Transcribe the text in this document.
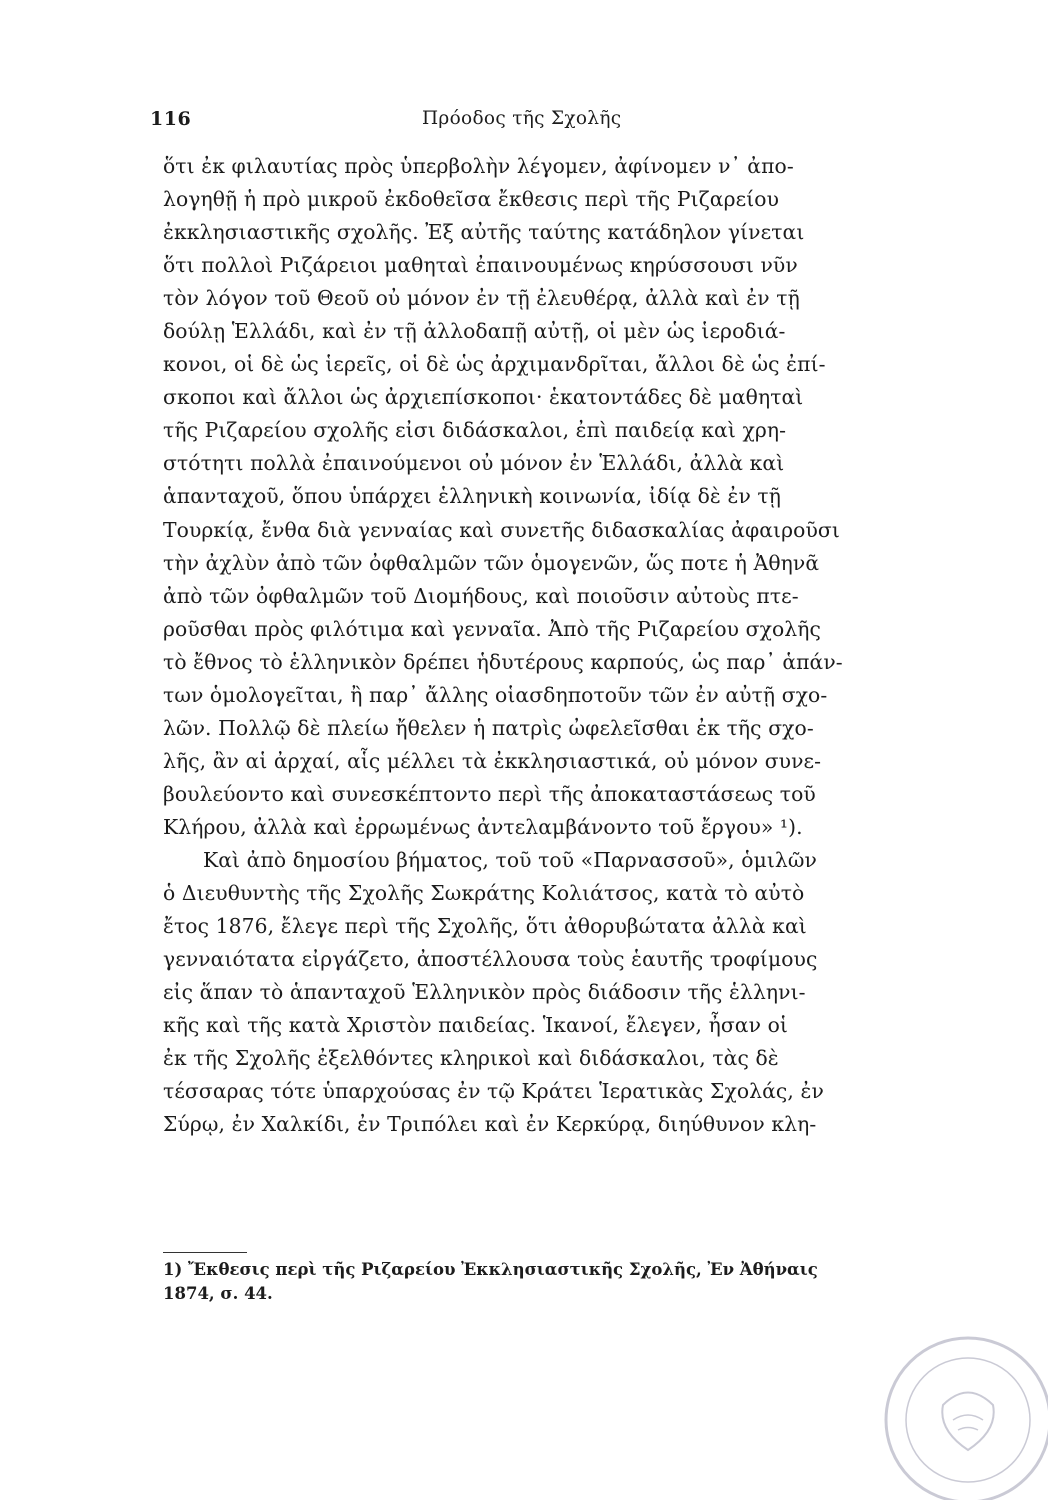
116	Πρόοδος τῆς Σχολῆς
ὅτι ἐκ φιλαυτίας πρὸς ὑπερβολὴν λέγομεν, ἀφίνομεν ν᾽ ἀπο-
λογηθῇ ἡ πρὸ μικροῦ ἐκδοθεῖσα ἔκθεσις περὶ τῆς Ριζαρείου
ἐκκλησιαστικῆς σχολῆς. Ἐξ αὐτῆς ταύτης κατάδηλον γίνεται
ὅτι πολλοὶ Ριζάρειοι μαθηταὶ ἐπαινουμένως κηρύσσουσι νῦν
τὸν λόγον τοῦ Θεοῦ οὐ μόνον ἐν τῇ ἐλευθέρᾳ, ἀλλὰ καὶ ἐν τῇ
δούλῃ Ἑλλάδι, καὶ ἐν τῇ ἀλλοδαπῇ αὐτῇ, οἱ μὲν ὡς ἱεροδιά-
κονοι, οἱ δὲ ὡς ἱερεῖς, οἱ δὲ ὡς ἀρχιμανδρῖται, ἄλλοι δὲ ὡς ἐπί-
σκοποι καὶ ἄλλοι ὡς ἀρχιεπίσκοποι· ἑκατοντάδες δὲ μαθηταὶ
τῆς Ριζαρείου σχολῆς εἰσι διδάσκαλοι, ἐπὶ παιδείᾳ καὶ χρη-
στότητι πολλὰ ἐπαινούμενοι οὐ μόνον ἐν Ἑλλάδι, ἀλλὰ καὶ
ἁπανταχοῦ, ὅπου ὑπάρχει ἑλληνικὴ κοινωνία, ἰδίᾳ δὲ ἐν τῇ
Τουρκίᾳ, ἔνθα διὰ γενναίας καὶ συνετῆς διδασκαλίας ἀφαιροῦσι
τὴν ἀχλὺν ἀπὸ τῶν ὀφθαλμῶν τῶν ὁμογενῶν, ὥς ποτε ἡ Ἀθηνᾶ
ἀπὸ τῶν ὀφθαλμῶν τοῦ Διομήδους, καὶ ποιοῦσιν αὐτοὺς πτε-
ροῦσθαι πρὸς φιλότιμα καὶ γενναῖα. Ἀπὸ τῆς Ριζαρείου σχολῆς
τὸ ἔθνος τὸ ἑλληνικὸν δρέπει ἡδυτέρους καρπούς, ὡς παρ᾽ ἁπάν-
των ὁμολογεῖται, ἢ παρ᾽ ἄλλης οἱασδηποτοῦν τῶν ἐν αὐτῇ σχο-
λῶν. Πολλῷ δὲ πλείω ἤθελεν ἡ πατρὶς ὠφελεῖσθαι ἐκ τῆς σχο-
λῆς, ἂν αἱ ἀρχαί, αἷς μέλλει τὰ ἐκκλησιαστικά, οὐ μόνον συνε-
βουλεύοντο καὶ συνεσκέπτοντο περὶ τῆς ἀποκαταστάσεως τοῦ
Κλήρου, ἀλλὰ καὶ ἐρρωμένως ἀντελαμβάνοντο τοῦ ἔργου» ¹).
Καὶ ἀπὸ δημοσίου βήματος, τοῦ τοῦ «Παρνασσοῦ», ὁμιλῶν
ὁ Διευθυντὴς τῆς Σχολῆς Σωκράτης Κολιάτσος, κατὰ τὸ αὐτὸ
ἔτος 1876, ἔλεγε περὶ τῆς Σχολῆς, ὅτι ἀθορυβώτατα ἀλλὰ καὶ
γενναιότατα εἰργάζετο, ἀποστέλλουσα τοὺς ἑαυτῆς τροφίμους
εἰς ἅπαν τὸ ἁπανταχοῦ Ἑλληνικὸν πρὸς διάδοσιν τῆς ἑλληνι-
κῆς καὶ τῆς κατὰ Χριστὸν παιδείας. Ἱκανοί, ἔλεγεν, ἦσαν οἱ
ἐκ τῆς Σχολῆς ἐξελθόντες κληρικοὶ καὶ διδάσκαλοι, τὰς δὲ
τέσσαρας τότε ὑπαρχούσας ἐν τῷ Κράτει Ἱερατικὰς Σχολάς, ἐν
Σύρῳ, ἐν Χαλκίδι, ἐν Τριπόλει καὶ ἐν Κερκύρᾳ, διηύθυνον κλη-
1) Ἔκθεσις περὶ τῆς Ριζαρείου Ἐκκλησιαστικῆς Σχολῆς, Ἐν Ἀθήναις
1874, σ. 44.
